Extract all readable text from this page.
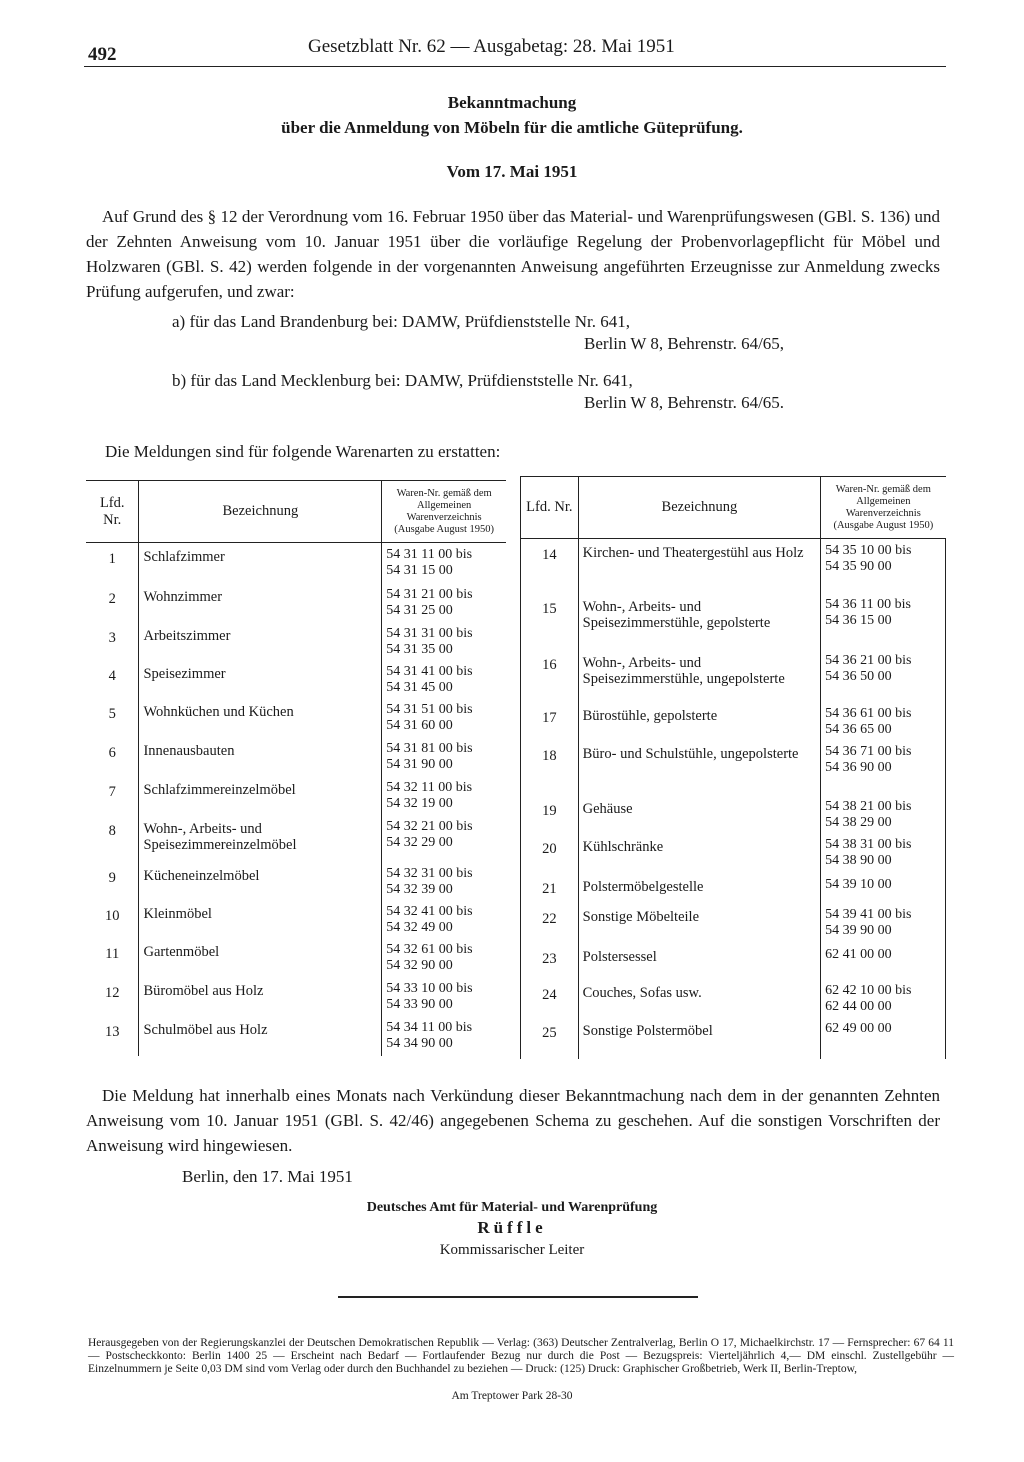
492	Gesetzblatt Nr. 62 — Ausgabetag: 28. Mai 1951
Bekanntmachung
über die Anmeldung von Möbeln für die amtliche Güteprüfung.
Vom 17. Mai 1951

Auf Grund des § 12 der Verordnung vom 16. Februar 1950 über das Material- und Warenprüfungswesen (GBl. S. 136) und der Zehnten Anweisung vom 10. Januar 1951 über die vorläufige Regelung der Probenvorlagepflicht für Möbel und Holzwaren (GBl. S. 42) werden folgende in der vorgenannten Anweisung angeführten Erzeugnisse zur Anmeldung zwecks Prüfung aufgerufen, und zwar:

a) für das Land Brandenburg bei: DAMW, Prüfdienststelle Nr. 641,
Berlin W 8, Behrenstr. 64/65,
b) für das Land Mecklenburg bei: DAMW, Prüfdienststelle Nr. 641,
Berlin W 8, Behrenstr. 64/65.
Die Meldungen sind für folgende Warenarten zu erstatten:
Lfd. Nr.	Bezeichnung	Waren-Nr. gemäß dem Allgemeinen Warenverzeichnis (Ausgabe August 1950)
1	Schlafzimmer	54 31 11 00 bis
54 31 15 00

2	Wohnzimmer	54 31 21 00 bis
54 31 25 00

3	Arbeitszimmer	54 31 31 00 bis
54 31 35 00

4	Speisezimmer	54 31 41 00 bis
54 31 45 00

5	Wohnküchen und Küchen	54 31 51 00 bis
54 31 60 00

6	Innenausbauten	54 31 81 00 bis
54 31 90 00

7	Schlafzimmereinzelmöbel	54 32 11 00 bis
54 32 19 00

8	Wohn-, Arbeits- und Speisezimmereinzelmöbel	54 32 21 00 bis
54 32 29 00

9	Kücheneinzelmöbel	54 32 31 00 bis
54 32 39 00

10	Kleinmöbel	54 32 41 00 bis
54 32 49 00

11	Gartenmöbel	54 32 61 00 bis
54 32 90 00

12	Büromöbel aus Holz	54 33 10 00 bis
54 33 90 00

13	Schulmöbel aus Holz	54 34 11 00 bis
54 34 90 00
Lfd. Nr.	Bezeichnung	Waren-Nr. gemäß dem Allgemeinen Warenverzeichnis (Ausgabe August 1950)
14	Kirchen- und Theatergestühl aus Holz	54 35 10 00 bis
54 35 90 00

15	Wohn-, Arbeits- und Speisezimmerstühle, gepolsterte	54 36 11 00 bis
54 36 15 00

16	Wohn-, Arbeits- und Speisezimmerstühle, ungepolsterte	54 36 21 00 bis
54 36 50 00

17	Bürostühle, gepolsterte	54 36 61 00 bis
54 36 65 00

18	Büro- und Schulstühle, ungepolsterte	54 36 71 00 bis
54 36 90 00

19	Gehäuse	54 38 21 00 bis
54 38 29 00

20	Kühlschränke	54 38 31 00 bis
54 38 90 00

21	Polstermöbelgestelle	54 39 10 00

22	Sonstige Möbelteile	54 39 41 00 bis
54 39 90 00

23	Polstersessel	62 41 00 00

24	Couches, Sofas usw.	62 42 10 00 bis
62 44 00 00

25	Sonstige Polstermöbel	62 49 00 00

Die Meldung hat innerhalb eines Monats nach Verkündung dieser Bekanntmachung nach dem in der genannten Zehnten Anweisung vom 10. Januar 1951 (GBl. S. 42/46) angegebenen Schema zu geschehen. Auf die sonstigen Vorschriften der Anweisung wird hingewiesen.

Berlin, den 17. Mai 1951
Deutsches Amt für Material- und Warenprüfung
Rüffle
Kommissarischer Leiter
Herausgegeben von der Regierungskanzlei der Deutschen Demokratischen Republik — Verlag: (363) Deutscher Zentralverlag, Berlin O 17, Michaelkirchstr. 17 — Fernsprecher: 67 64 11 — Postscheckkonto: Berlin 1400 25 — Erscheint nach Bedarf — Fortlaufender Bezug nur durch die Post — Bezugspreis: Vierteljährlich 4,— DM einschl. Zustellgebühr — Einzelnummern je Seite 0,03 DM sind vom Verlag oder durch den Buchhandel zu beziehen — Druck: (125) Druck: Graphischer Großbetrieb, Werk II, Berlin-Treptow,
Am Treptower Park 28-30
